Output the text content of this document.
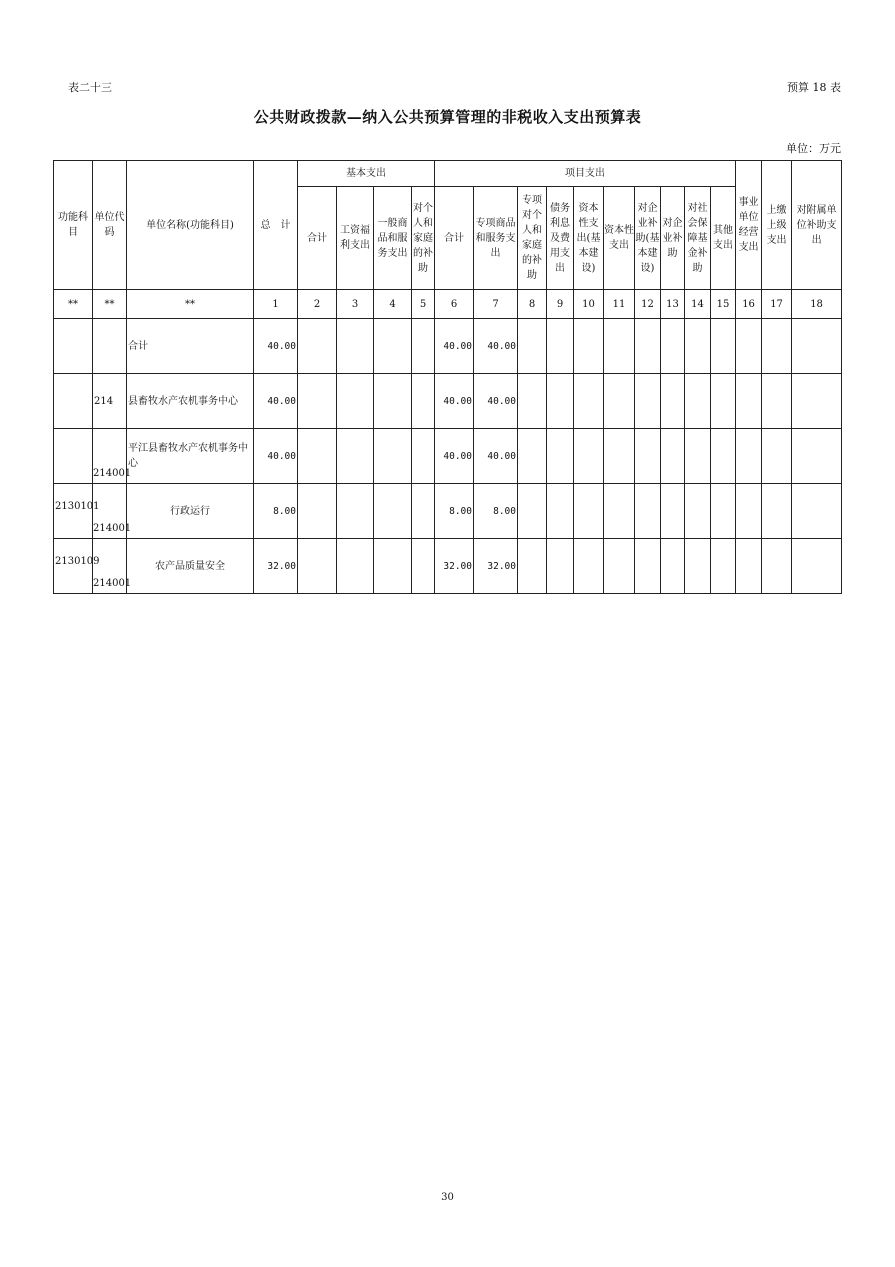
表二十三	预算 18 表
公共财政拨款—纳入公共预算管理的非税收入支出预算表
单位：万元
功能科目	单位代码	单位名称(功能科目)	总　计	基本支出				项目支出										事业单位经营支出	上缴上级支出	对附属单位补助支出
				合计	工资福利支出	一般商品和服务支出	对个人和家庭的补助	合计	专项商品和服务支出	专项对个人和家庭的补助	债务利息及费用支出	资本性支出(基本建设)	资本性支出	对企业补助(基本建设)	对企业补助	对社会保障基金补助	其他支出			
**	**	**	1	2	3	4	5	6	7	8	9	10	11	12	13	14	15	16	17	18
		合计	40.00					40.00	40.00											
	214	县畜牧水产农机事务中心	40.00					40.00	40.00											
	214001	平江县畜牧水产农机事务中心	40.00					40.00	40.00											
2130101	214001	行政运行	8.00					8.00	8.00											
2130109	214001	农产品质量安全	32.00					32.00	32.00											
30
